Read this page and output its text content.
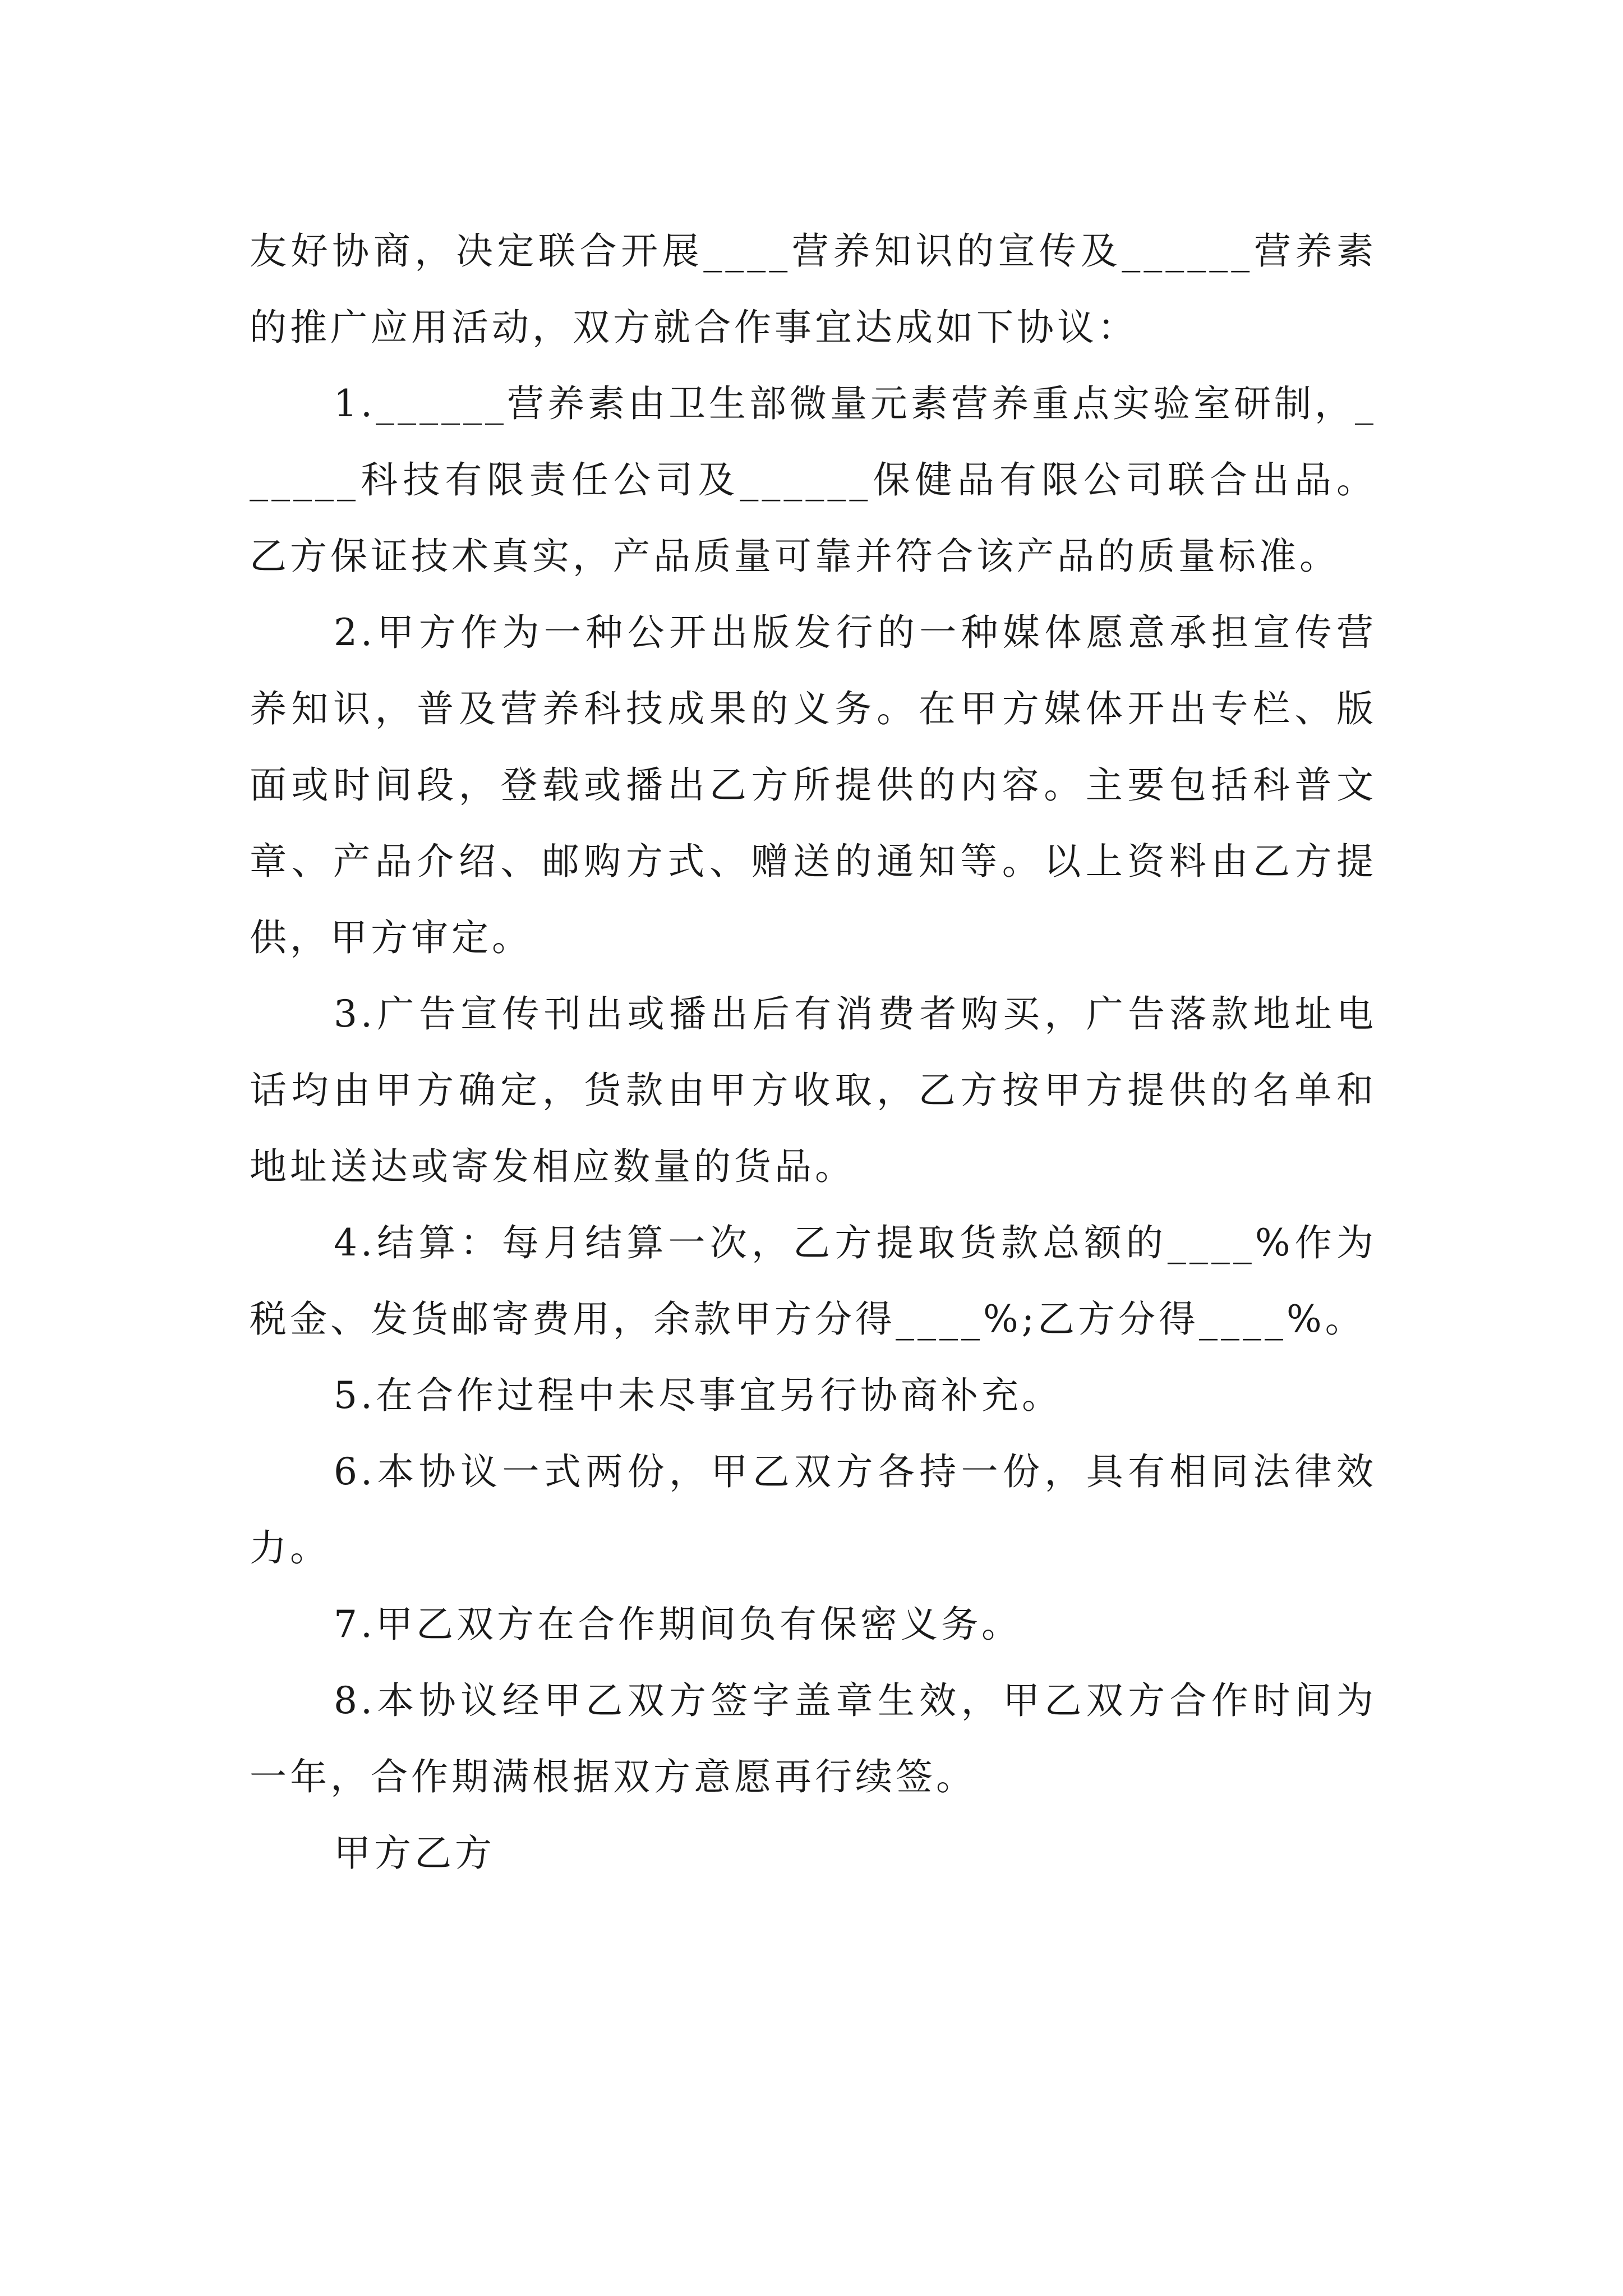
友好协商，决定联合开展____营养知识的宣传及______营养素的推广应用活动，双方就合作事宜达成如下协议：

1.______营养素由卫生部微量元素营养重点实验室研制，______科技有限责任公司及______保健品有限公司联合出品。乙方保证技术真实，产品质量可靠并符合该产品的质量标准。

2.甲方作为一种公开出版发行的一种媒体愿意承担宣传营养知识，普及营养科技成果的义务。在甲方媒体开出专栏、版面或时间段，登载或播出乙方所提供的内容。主要包括科普文章、产品介绍、邮购方式、赠送的通知等。以上资料由乙方提供，甲方审定。

3.广告宣传刊出或播出后有消费者购买，广告落款地址电话均由甲方确定，货款由甲方收取，乙方按甲方提供的名单和地址送达或寄发相应数量的货品。

4.结算：每月结算一次，乙方提取货款总额的____%作为税金、发货邮寄费用，余款甲方分得____%;乙方分得____%。

5.在合作过程中未尽事宜另行协商补充。

6.本协议一式两份，甲乙双方各持一份，具有相同法律效力。

7.甲乙双方在合作期间负有保密义务。

8.本协议经甲乙双方签字盖章生效，甲乙双方合作时间为一年，合作期满根据双方意愿再行续签。

甲方乙方
